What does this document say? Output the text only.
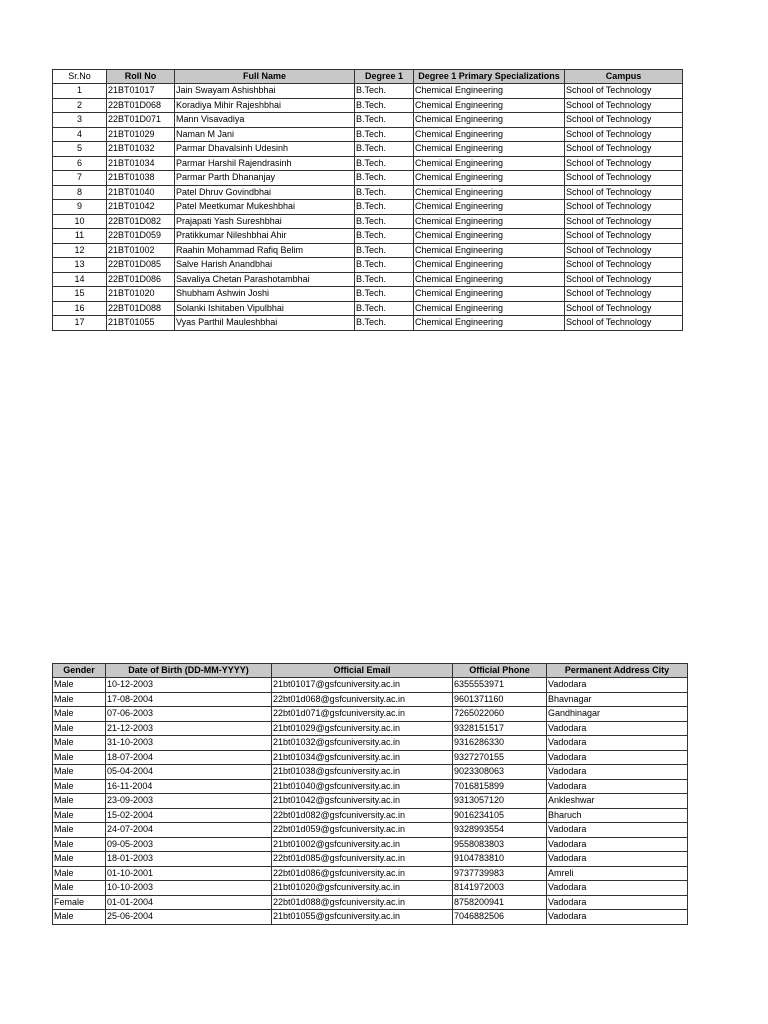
Sr.No	Roll No	Full Name	Degree 1	Degree 1 Primary Specializations	Campus
1	21BT01017	Jain Swayam Ashishbhai	B.Tech.	Chemical Engineering	School of Technology
2	22BT01D068	Koradiya Mihir Rajeshbhai	B.Tech.	Chemical Engineering	School of Technology
3	22BT01D071	Mann Visavadiya	B.Tech.	Chemical Engineering	School of Technology
4	21BT01029	Naman M Jani	B.Tech.	Chemical Engineering	School of Technology
5	21BT01032	Parmar Dhavalsinh Udesinh	B.Tech.	Chemical Engineering	School of Technology
6	21BT01034	Parmar Harshil Rajendrasinh	B.Tech.	Chemical Engineering	School of Technology
7	21BT01038	Parmar Parth Dhananjay	B.Tech.	Chemical Engineering	School of Technology
8	21BT01040	Patel Dhruv Govindbhai	B.Tech.	Chemical Engineering	School of Technology
9	21BT01042	Patel Meetkumar Mukeshbhai	B.Tech.	Chemical Engineering	School of Technology
10	22BT01D082	Prajapati Yash Sureshbhai	B.Tech.	Chemical Engineering	School of Technology
11	22BT01D059	Pratikkumar Nileshbhai Ahir	B.Tech.	Chemical Engineering	School of Technology
12	21BT01002	Raahin Mohammad Rafiq Belim	B.Tech.	Chemical Engineering	School of Technology
13	22BT01D085	Salve Harish Anandbhai	B.Tech.	Chemical Engineering	School of Technology
14	22BT01D086	Savaliya Chetan Parashotambhai	B.Tech.	Chemical Engineering	School of Technology
15	21BT01020	Shubham Ashwin Joshi	B.Tech.	Chemical Engineering	School of Technology
16	22BT01D088	Solanki Ishitaben Vipulbhai	B.Tech.	Chemical Engineering	School of Technology
17	21BT01055	Vyas Parthil Mauleshbhai	B.Tech.	Chemical Engineering	School of Technology
Gender	Date of Birth (DD-MM-YYYY)	Official Email	Official Phone	Permanent Address City
Male	10-12-2003	21bt01017@gsfcuniversity.ac.in	6355553971	Vadodara
Male	17-08-2004	22bt01d068@gsfcuniversity.ac.in	9601371160	Bhavnagar
Male	07-06-2003	22bt01d071@gsfcuniversity.ac.in	7265022060	Gandhinagar
Male	21-12-2003	21bt01029@gsfcuniversity.ac.in	9328151517	Vadodara
Male	31-10-2003	21bt01032@gsfcuniversity.ac.in	9316286330	Vadodara
Male	18-07-2004	21bt01034@gsfcuniversity.ac.in	9327270155	Vadodara
Male	05-04-2004	21bt01038@gsfcuniversity.ac.in	9023308063	Vadodara
Male	16-11-2004	21bt01040@gsfcuniversity.ac.in	7016815899	Vadodara
Male	23-09-2003	21bt01042@gsfcuniversity.ac.in	9313057120	Ankleshwar
Male	15-02-2004	22bt01d082@gsfcuniversity.ac.in	9016234105	Bharuch
Male	24-07-2004	22bt01d059@gsfcuniversity.ac.in	9328993554	Vadodara
Male	09-05-2003	21bt01002@gsfcuniversity.ac.in	9558083803	Vadodara
Male	18-01-2003	22bt01d085@gsfcuniversity.ac.in	9104783810	Vadodara
Male	01-10-2001	22bt01d086@gsfcuniversity.ac.in	9737739983	Amreli
Male	10-10-2003	21bt01020@gsfcuniversity.ac.in	8141972003	Vadodara
Female	01-01-2004	22bt01d088@gsfcuniversity.ac.in	8758200941	Vadodara
Male	25-06-2004	21bt01055@gsfcuniversity.ac.in	7046882506	Vadodara
